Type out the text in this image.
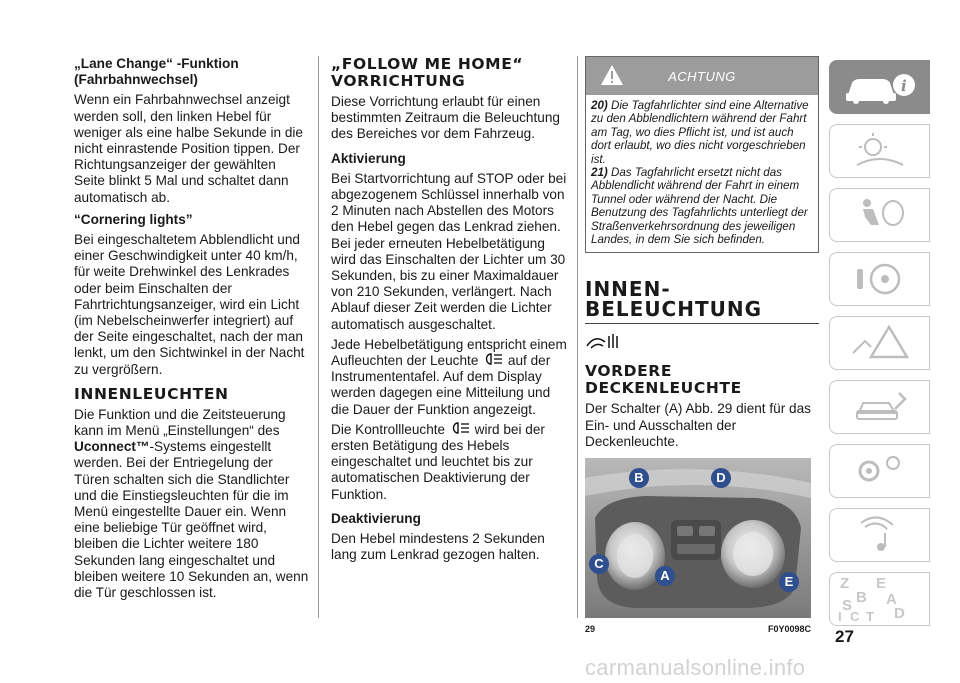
„Lane Change“ -Funktion (Fahrbahnwechsel)

Wenn ein Fahrbahnwechsel anzeigt werden soll, den linken Hebel für weniger als eine halbe Sekunde in die nicht einrastende Position tippen. Der Richtungsanzeiger der gewählten Seite blinkt 5 Mal und schaltet dann automatisch ab.

“Cornering lights”

Bei eingeschaltetem Abblendlicht und einer Geschwindigkeit unter 40 km/h, für weite Drehwinkel des Lenkrades oder beim Einschalten der Fahrtrichtungsanzeiger, wird ein Licht (im Nebelscheinwerfer integriert) auf der Seite eingeschaltet, nach der man lenkt, um den Sichtwinkel in der Nacht zu vergrößern.

INNENLEUCHTEN

Die Funktion und die Zeitsteuerung kann im Menü „Einstellungen“ des Uconnect™-Systems eingestellt werden. Bei der Entriegelung der Türen schalten sich die Standlichter und die Einstiegsleuchten für die im Menü eingestellte Dauer ein. Wenn eine beliebige Tür geöffnet wird, bleiben die Lichter weitere 180 Sekunden lang eingeschaltet und bleiben weitere 10 Sekunden an, wenn die Tür geschlossen ist.

„FOLLOW ME HOME“ VORRICHTUNG

Diese Vorrichtung erlaubt für einen bestimmten Zeitraum die Beleuchtung des Bereiches vor dem Fahrzeug.

Aktivierung

Bei Startvorrichtung auf STOP oder bei abgezogenem Schlüssel innerhalb von 2 Minuten nach Abstellen des Motors den Hebel gegen das Lenkrad ziehen. Bei jeder erneuten Hebelbetätigung wird das Einschalten der Lichter um 30 Sekunden, bis zu einer Maximaldauer von 210 Sekunden, verlängert. Nach Ablauf dieser Zeit werden die Lichter automatisch ausgeschaltet.

Jede Hebelbetätigung entspricht einem Aufleuchten der Leuchte  auf der Instrumententafel. Auf dem Display werden dagegen eine Mitteilung und die Dauer der Funktion angezeigt.

Die Kontrollleuchte  wird bei der ersten Betätigung des Hebels eingeschaltet und leuchtet bis zur automatischen Deaktivierung der Funktion.

Deaktivierung

Den Hebel mindestens 2 Sekunden lang zum Lenkrad gezogen halten.

ACHTUNG
20) Die Tagfahrlichter sind eine Alternative zu den Abblendlichtern während der Fahrt am Tag, wo dies Pflicht ist, und ist auch dort erlaubt, wo dies nicht vorgeschrieben ist.
21) Das Tagfahrlicht ersetzt nicht das Abblendlicht während der Fahrt in einem Tunnel oder während der Nacht. Die Benutzung des Tagfahrlichts unterliegt der Straßenverkehrsordnung des jeweiligen Landes, in dem Sie sich befinden.

INNEN-BELEUCHTUNG

VORDERE DECKENLEUCHTE

Der Schalter (A) Abb. 29 dient für das Ein- und Ausschalten der Deckenleuchte.

B	D
C
A	E
29	F0Y0098C
i
Z E
B
S A
I C T D
27
carmanualsonline.info
